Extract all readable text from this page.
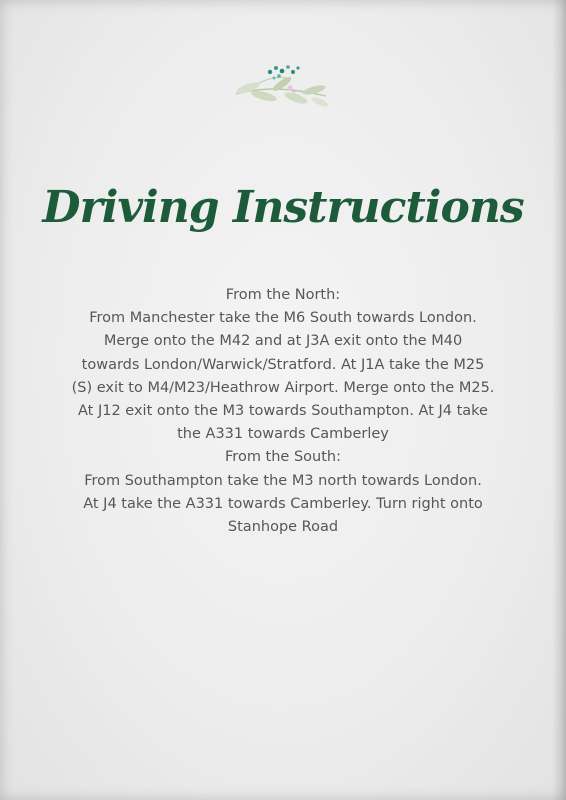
Driving Instructions
From the North:
From Manchester take the M6 South towards London.
Merge onto the M42 and at J3A exit onto the M40
towards London/Warwick/Stratford. At J1A take the M25
(S) exit to M4/M23/Heathrow Airport. Merge onto the M25.
At J12 exit onto the M3 towards Southampton. At J4 take
the A331 towards Camberley
From the South:
From Southampton take the M3 north towards London.
At J4 take the A331 towards Camberley. Turn right onto
Stanhope Road
